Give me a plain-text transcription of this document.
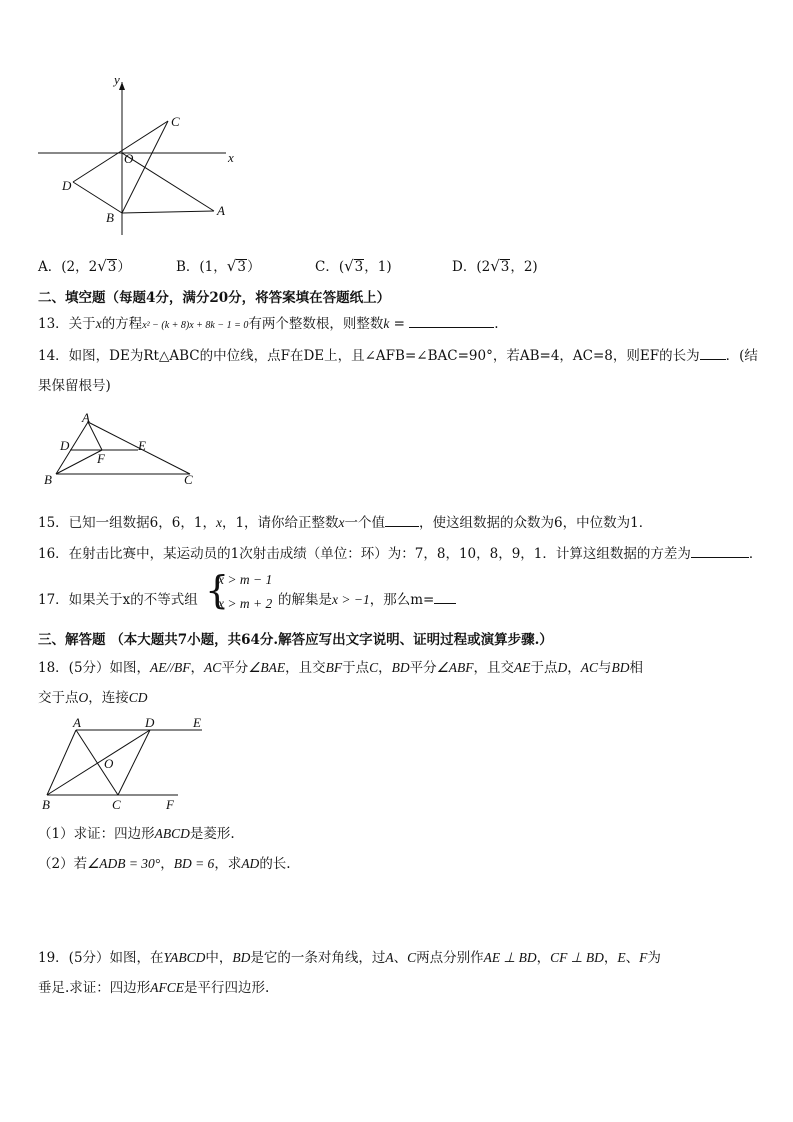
y
x
O
C
D
B	A
A．(2，2√3）	B．(1，√3）	C．(√3，1)	D．(2√3，2)
二、填空题（每题4分，满分20分，将答案填在答题纸上）
13．关于x的方程x² − (k + 8)x + 8k − 1 = 0有两个整数根，则整数k =	.
14．如图，DE为Rt△ABC的中位线，点F在DE上，且∠AFB=∠BAC=90°，若AB=4，AC=8，则EF的长为 ．(结
果保留根号)
A
D	E
F
B	C
15．已知一组数据6，6，1，x，1，请你给正整数x一个值	，使这组数据的众数为6，中位数为1．
16．在射击比赛中，某运动员的1次射击成绩（单位：环）为：7，8，10，8，9，1．计算这组数据的方差为	．
17．如果关于x的不等式组 {
x > m − 1
x > m + 2 的解集是x > −1，那么m=
三、解答题 （本大题共7小题，共64分.解答应写出文字说明、证明过程或演算步骤.）
18．(5分）如图，AE//BF，AC平分∠BAE，且交BF于点C，BD平分∠ABF，且交AE于点D，AC与BD相
交于点O，连接CD
A	D	E
O
B	C	F
（1）求证：四边形ABCD是菱形.
（2）若∠ADB = 30°，BD = 6，求AD的长.
19．(5分）如图，在YABCD中，BD是它的一条对角线，过A、C两点分别作AE ⊥ BD，CF ⊥ BD，E、F为
垂足.求证：四边形AFCE是平行四边形.
